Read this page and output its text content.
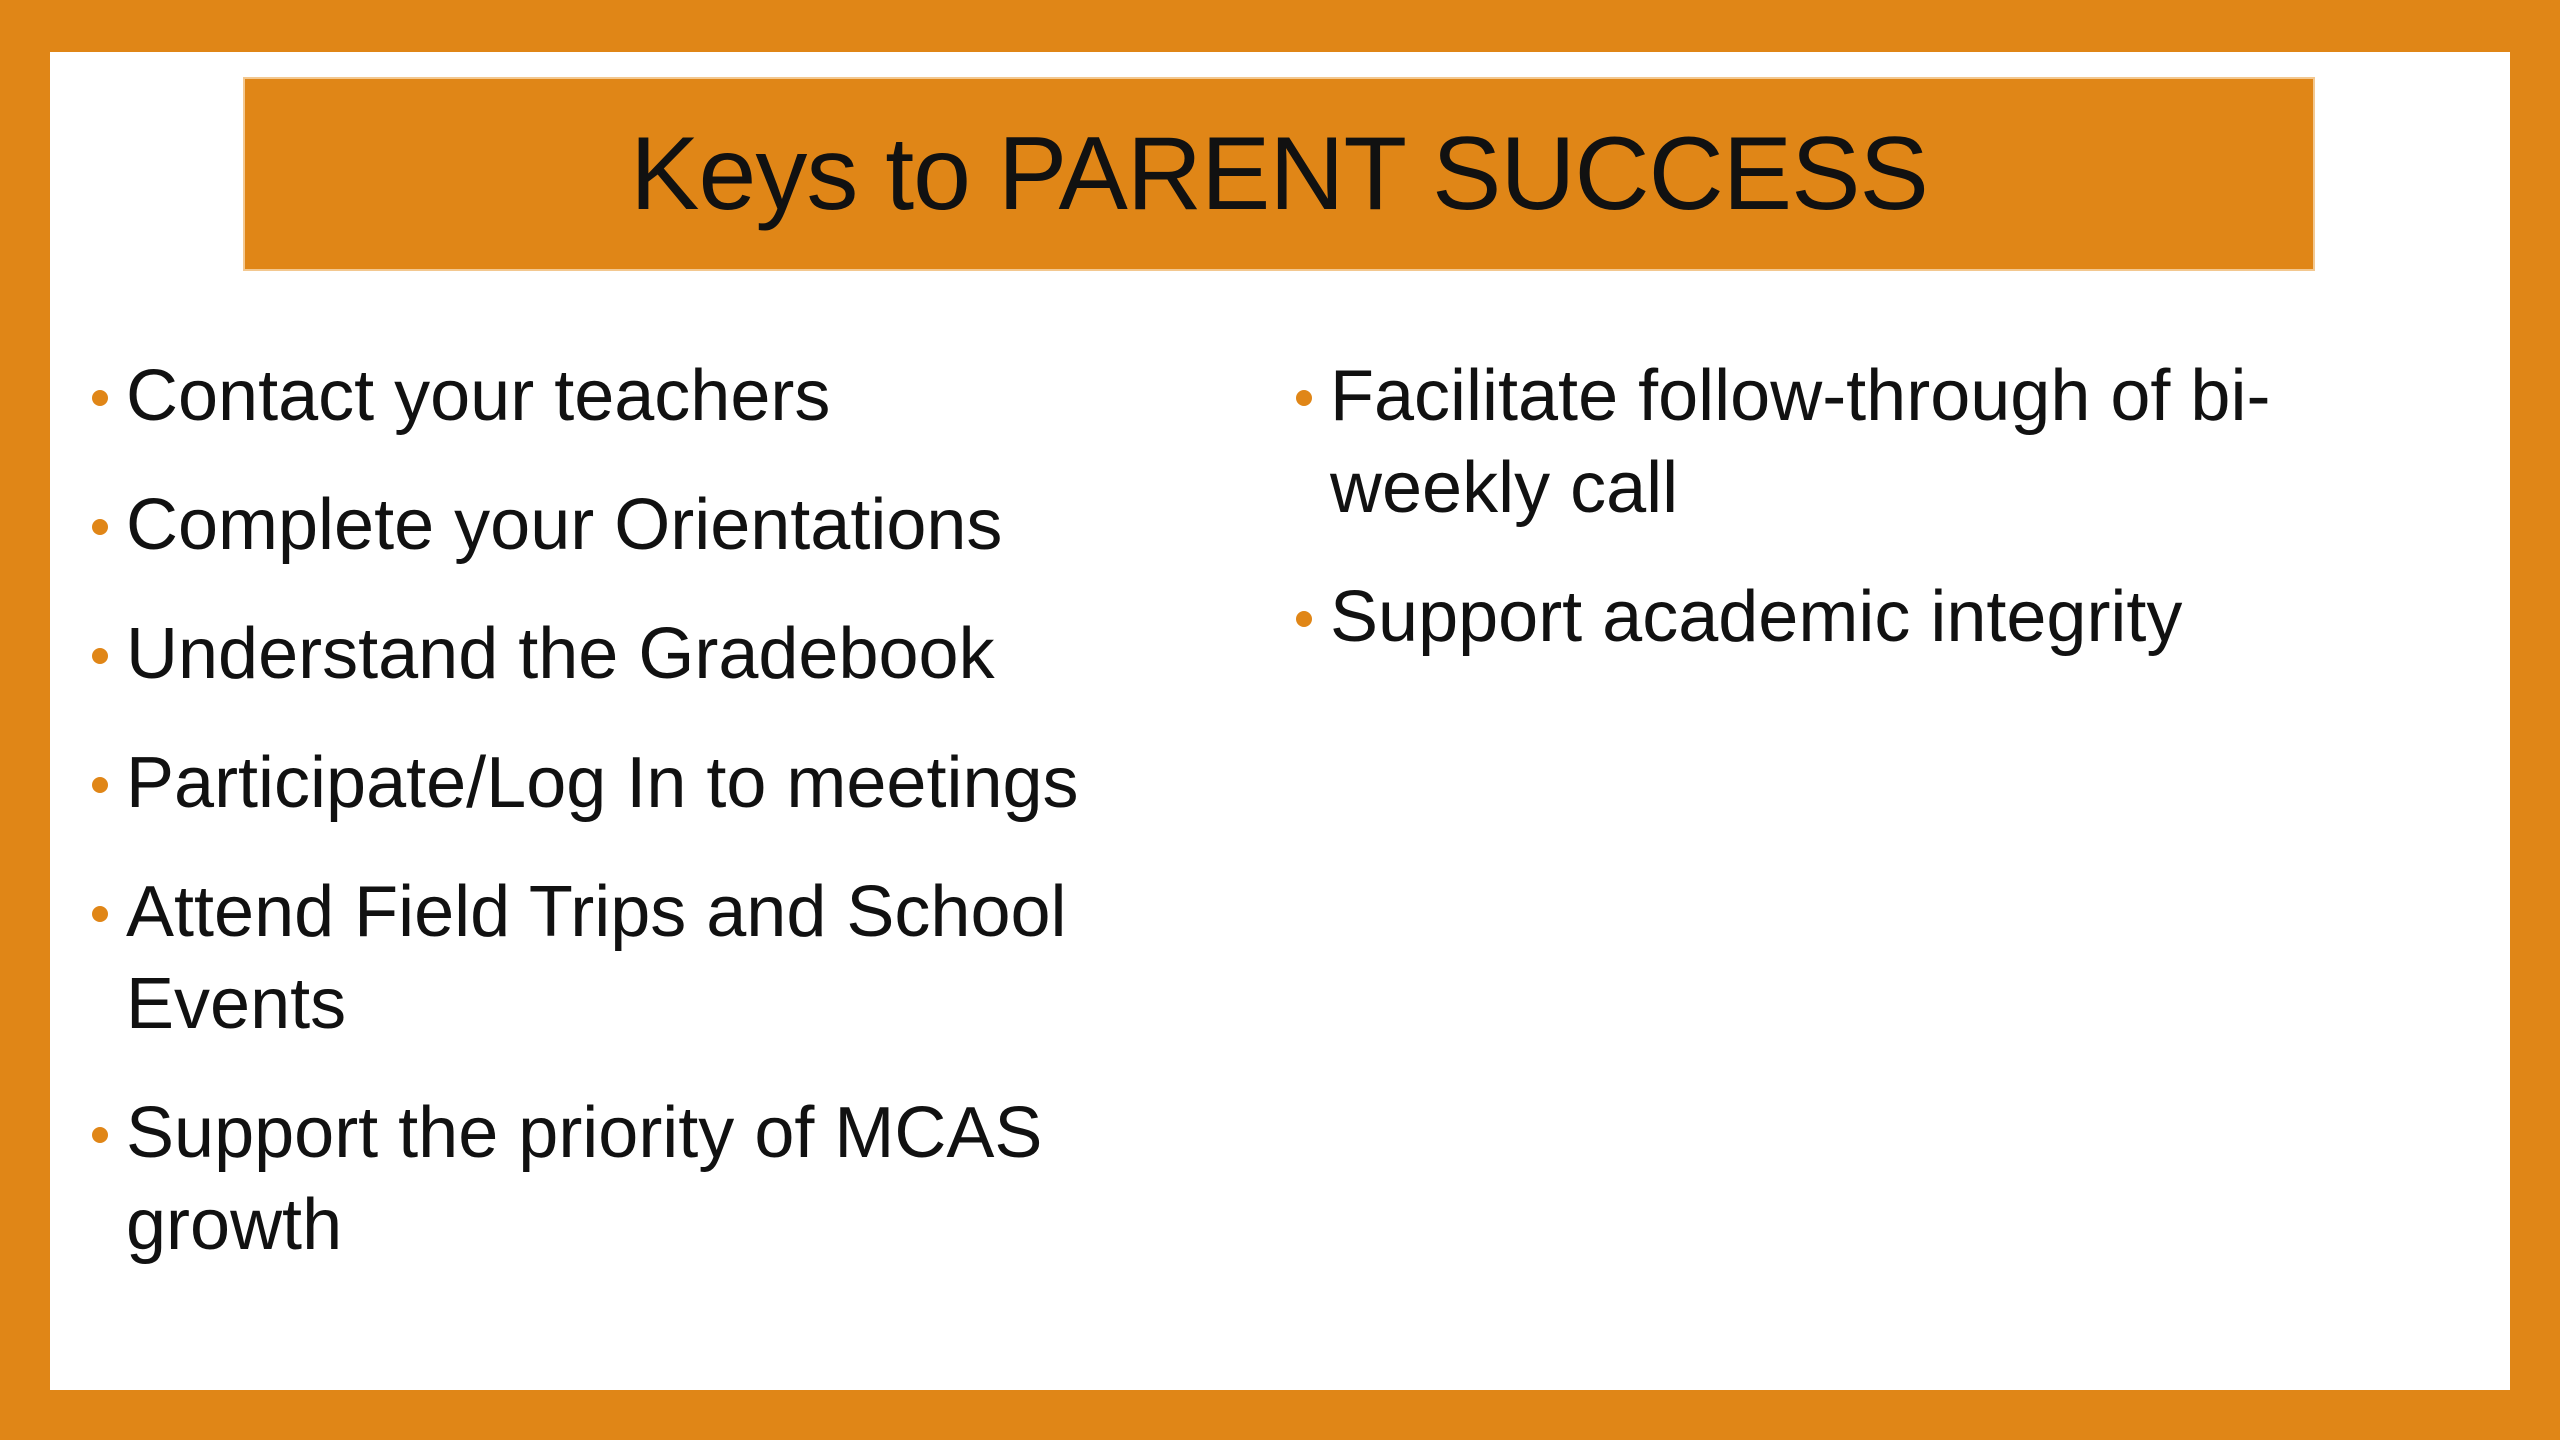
Keys to PARENT SUCCESS
Contact your teachers
Complete your Orientations
Understand the Gradebook
Participate/Log In to meetings
Attend Field Trips and School Events
Support the priority of MCAS growth
Facilitate follow-through of bi-weekly call
Support academic integrity
